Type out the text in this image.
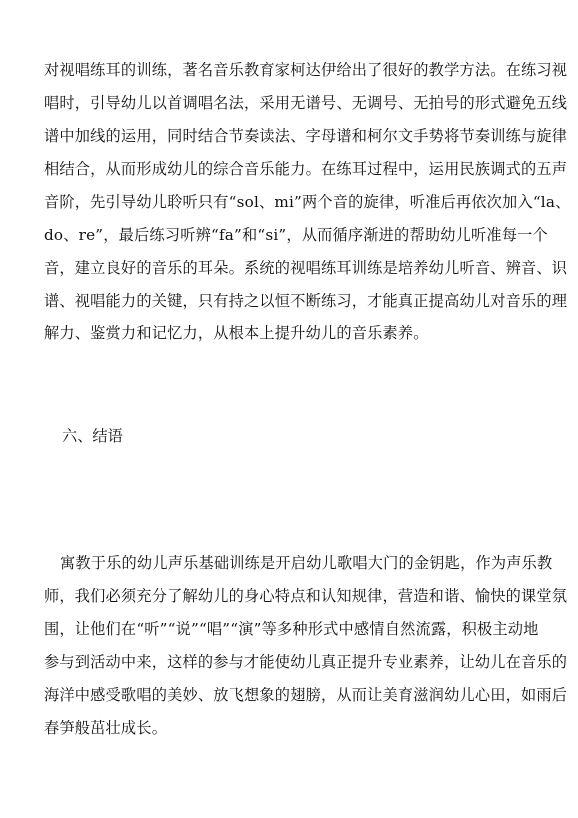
对视唱练耳的训练，著名音乐教育家柯达伊给出了很好的教学方法。在练习视
唱时，引导幼儿以首调唱名法，采用无谱号、无调号、无拍号的形式避免五线
谱中加线的运用，同时结合节奏读法、字母谱和柯尔文手势将节奏训练与旋律
相结合，从而形成幼儿的综合音乐能力。在练耳过程中，运用民族调式的五声
音阶，先引导幼儿聆听只有“sol、mi”两个音的旋律，听准后再依次加入“la、
do、re”，最后练习听辨“fa”和“si”，从而循序渐进的帮助幼儿听准每一个
音，建立良好的音乐的耳朵。系统的视唱练耳训练是培养幼儿听音、辨音、识
谱、视唱能力的关键，只有持之以恒不断练习，才能真正提高幼儿对音乐的理
解力、鉴赏力和记忆力，从根本上提升幼儿的音乐素养。
六、结语
寓教于乐的幼儿声乐基础训练是开启幼儿歌唱大门的金钥匙，作为声乐教
师，我们必须充分了解幼儿的身心特点和认知规律，营造和谐、愉快的课堂氛
围，让他们在“听”“说”“唱”“演”等多种形式中感情自然流露，积极主动地
参与到活动中来，这样的参与才能使幼儿真正提升专业素养，让幼儿在音乐的
海洋中感受歌唱的美妙、放飞想象的翅膀，从而让美育滋润幼儿心田，如雨后
春笋般茁壮成长。
